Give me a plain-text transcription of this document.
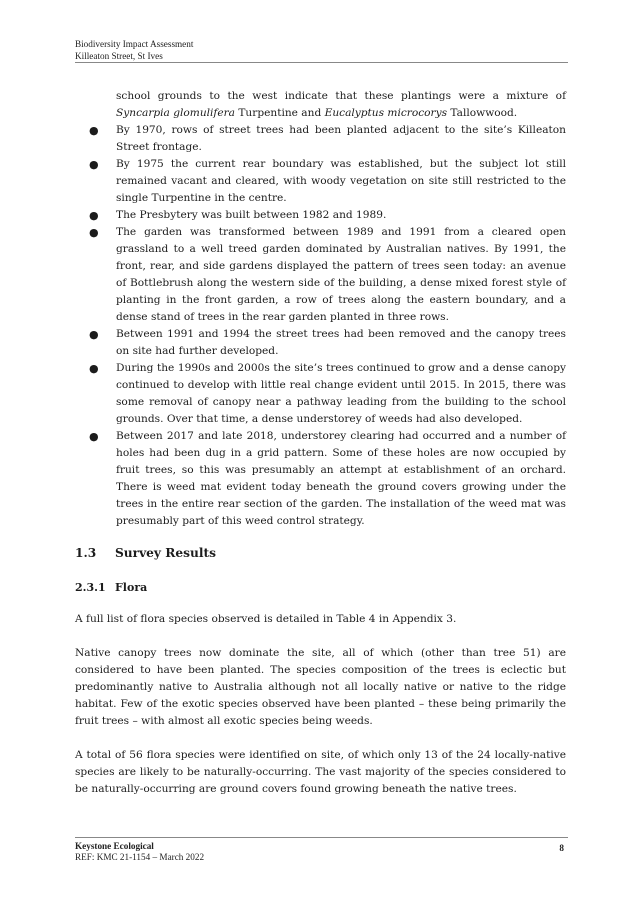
Biodiversity Impact Assessment
Killeaton Street, St Ives
school grounds to the west indicate that these plantings were a mixture of Syncarpia glomulifera Turpentine and Eucalyptus microcorys Tallowwood.
● By 1970, rows of street trees had been planted adjacent to the site’s Killeaton Street frontage.
● By 1975 the current rear boundary was established, but the subject lot still remained vacant and cleared, with woody vegetation on site still restricted to the single Turpentine in the centre.
● The Presbytery was built between 1982 and 1989.
● The garden was transformed between 1989 and 1991 from a cleared open grassland to a well treed garden dominated by Australian natives. By 1991, the front, rear, and side gardens displayed the pattern of trees seen today: an avenue of Bottlebrush along the western side of the building, a dense mixed forest style of planting in the front garden, a row of trees along the eastern boundary, and a dense stand of trees in the rear garden planted in three rows.
● Between 1991 and 1994 the street trees had been removed and the canopy trees on site had further developed.
● During the 1990s and 2000s the site’s trees continued to grow and a dense canopy continued to develop with little real change evident until 2015. In 2015, there was some removal of canopy near a pathway leading from the building to the school grounds. Over that time, a dense understorey of weeds had also developed.
● Between 2017 and late 2018, understorey clearing had occurred and a number of holes had been dug in a grid pattern. Some of these holes are now occupied by fruit trees, so this was presumably an attempt at establishment of an orchard. There is weed mat evident today beneath the ground covers growing under the trees in the entire rear section of the garden. The installation of the weed mat was presumably part of this weed control strategy.
1.3	Survey Results
2.3.1 Flora

A full list of flora species observed is detailed in Table 4 in Appendix 3.

Native canopy trees now dominate the site, all of which (other than tree 51) are considered to have been planted. The species composition of the trees is eclectic but predominantly native to Australia although not all locally native or native to the ridge habitat. Few of the exotic species observed have been planted – these being primarily the fruit trees – with almost all exotic species being weeds.

A total of 56 flora species were identified on site, of which only 13 of the 24 locally-native species are likely to be naturally-occurring. The vast majority of the species considered to be naturally-occurring are ground covers found growing beneath the native trees.

Keystone Ecological
REF: KMC 21-1154 – March 2022
8
